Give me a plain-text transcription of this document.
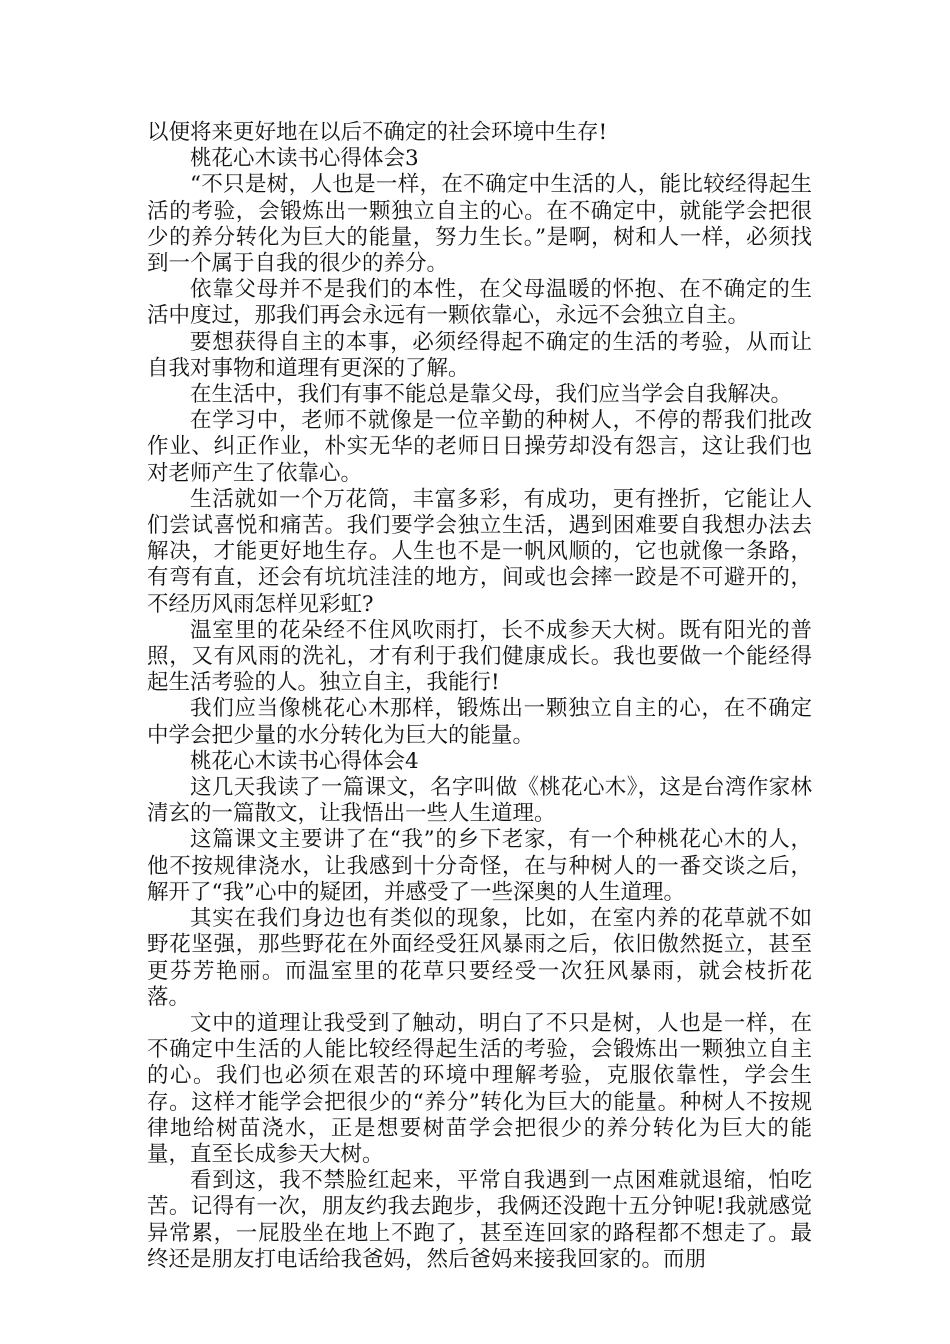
以便将来更好地在以后不确定的社会环境中生存!

桃花心木读书心得体会3

“不只是树，人也是一样，在不确定中生活的人，能比较经得起生活的考验，会锻炼出一颗独立自主的心。在不确定中，就能学会把很少的养分转化为巨大的能量，努力生长。”是啊，树和人一样，必须找到一个属于自我的很少的养分。

依靠父母并不是我们的本性，在父母温暖的怀抱、在不确定的生活中度过，那我们再会永远有一颗依靠心，永远不会独立自主。

要想获得自主的本事，必须经得起不确定的生活的考验，从而让自我对事物和道理有更深的了解。

在生活中，我们有事不能总是靠父母，我们应当学会自我解决。

在学习中，老师不就像是一位辛勤的种树人，不停的帮我们批改作业、纠正作业，朴实无华的老师日日操劳却没有怨言，这让我们也对老师产生了依靠心。

生活就如一个万花筒，丰富多彩，有成功，更有挫折，它能让人们尝试喜悦和痛苦。我们要学会独立生活，遇到困难要自我想办法去解决，才能更好地生存。人生也不是一帆风顺的，它也就像一条路，有弯有直，还会有坑坑洼洼的地方，间或也会摔一跤是不可避开的，不经历风雨怎样见彩虹?

温室里的花朵经不住风吹雨打，长不成参天大树。既有阳光的普照，又有风雨的洗礼，才有利于我们健康成长。我也要做一个能经得起生活考验的人。独立自主，我能行!

我们应当像桃花心木那样，锻炼出一颗独立自主的心，在不确定中学会把少量的水分转化为巨大的能量。

桃花心木读书心得体会4

这几天我读了一篇课文，名字叫做《桃花心木》，这是台湾作家林清玄的一篇散文，让我悟出一些人生道理。

这篇课文主要讲了在“我”的乡下老家，有一个种桃花心木的人，他不按规律浇水，让我感到十分奇怪，在与种树人的一番交谈之后，解开了“我”心中的疑团，并感受了一些深奥的人生道理。

其实在我们身边也有类似的现象，比如，在室内养的花草就不如野花坚强，那些野花在外面经受狂风暴雨之后，依旧傲然挺立，甚至更芬芳艳丽。而温室里的花草只要经受一次狂风暴雨，就会枝折花落。

文中的道理让我受到了触动，明白了不只是树，人也是一样，在不确定中生活的人能比较经得起生活的考验，会锻炼出一颗独立自主的心。我们也必须在艰苦的环境中理解考验，克服依靠性，学会生存。这样才能学会把很少的“养分”转化为巨大的能量。种树人不按规律地给树苗浇水，正是想要树苗学会把很少的养分转化为巨大的能量，直至长成参天大树。

看到这，我不禁脸红起来，平常自我遇到一点困难就退缩，怕吃苦。记得有一次，朋友约我去跑步，我俩还没跑十五分钟呢!我就感觉异常累，一屁股坐在地上不跑了，甚至连回家的路程都不想走了。最终还是朋友打电话给我爸妈，然后爸妈来接我回家的。而朋
